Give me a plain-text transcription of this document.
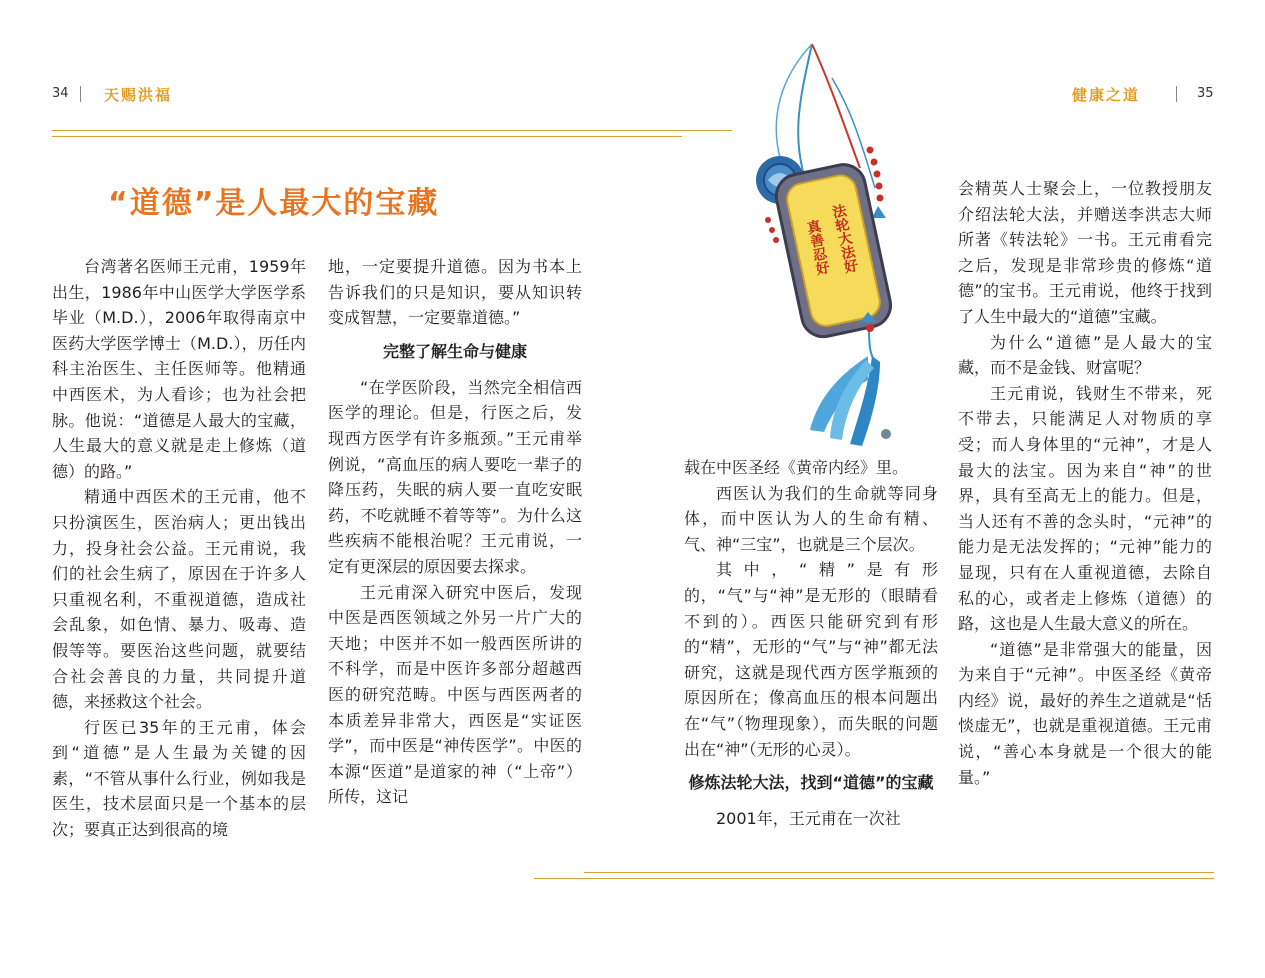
34 天赐洪福	健康之道	35
“道德”是人最大的宝藏

台湾著名医师王元甫，1959年出生，1986年中山医学大学医学系毕业（M.D.），2006年取得南京中医药大学医学博士（M.D.），历任内科主治医生、主任医师等。他精通中西医术，为人看诊；也为社会把脉。他说：“道德是人最大的宝藏，人生最大的意义就是走上修炼（道德）的路。”

精通中西医术的王元甫，他不只扮演医生，医治病人；更出钱出力，投身社会公益。王元甫说，我们的社会生病了，原因在于许多人只重视名利，不重视道德，造成社会乱象，如色情、暴力、吸毒、造假等等。要医治这些问题，就要结合社会善良的力量，共同提升道德，来拯救这个社会。

行医已35年的王元甫，体会到“道德”是人生最为关键的因素，“不管从事什么行业，例如我是医生，技术层面只是一个基本的层次；要真正达到很高的境

地，一定要提升道德。因为书本上告诉我们的只是知识，要从知识转变成智慧，一定要靠道德。”

完整了解生命与健康

“在学医阶段，当然完全相信西医学的理论。但是，行医之后，发现西方医学有许多瓶颈。”王元甫举例说，“高血压的病人要吃一辈子的降压药，失眠的病人要一直吃安眠药，不吃就睡不着等等”。为什么这些疾病不能根治呢？王元甫说，一定有更深层的原因要去探求。

王元甫深入研究中医后，发现中医是西医领域之外另一片广大的天地；中医并不如一般西医所讲的不科学，而是中医许多部分超越西医的研究范畴。中医与西医两者的本质差异非常大，西医是“实证医学”，而中医是“神传医学”。中医的本源“医道”是道家的神（“上帝”）所传，这记

法轮大法好
真善忍好

载在中医圣经《黄帝内经》里。

西医认为我们的生命就等同身体，而中医认为人的生命有精、气、神“三宝”，也就是三个层次。

其中，“精”是有形的，“气”与“神”是无形的（眼睛看不到的）。西医只能研究到有形的“精”，无形的“气”与“神”都无法研究，这就是现代西方医学瓶颈的原因所在；像高血压的根本问题出在“气”（物理现象），而失眠的问题出在“神”（无形的心灵）。

修炼法轮大法，找到“道德”的宝藏

2001年，王元甫在一次社

会精英人士聚会上，一位教授朋友介绍法轮大法，并赠送李洪志大师所著《转法轮》一书。王元甫看完之后，发现是非常珍贵的修炼“道德”的宝书。王元甫说，他终于找到了人生中最大的“道德”宝藏。

为什么“道德”是人最大的宝藏，而不是金钱、财富呢？

王元甫说，钱财生不带来，死不带去，只能满足人对物质的享受；而人身体里的“元神”，才是人最大的法宝。因为来自“神”的世界，具有至高无上的能力。但是，当人还有不善的念头时，“元神”的能力是无法发挥的；“元神”能力的显现，只有在人重视道德，去除自私的心，或者走上修炼（道德）的路，这也是人生最大意义的所在。

“道德”是非常强大的能量，因为来自于“元神”。中医圣经《黄帝内经》说，最好的养生之道就是“恬惔虚无”，也就是重视道德。王元甫说，“善心本身就是一个很大的能量。”
